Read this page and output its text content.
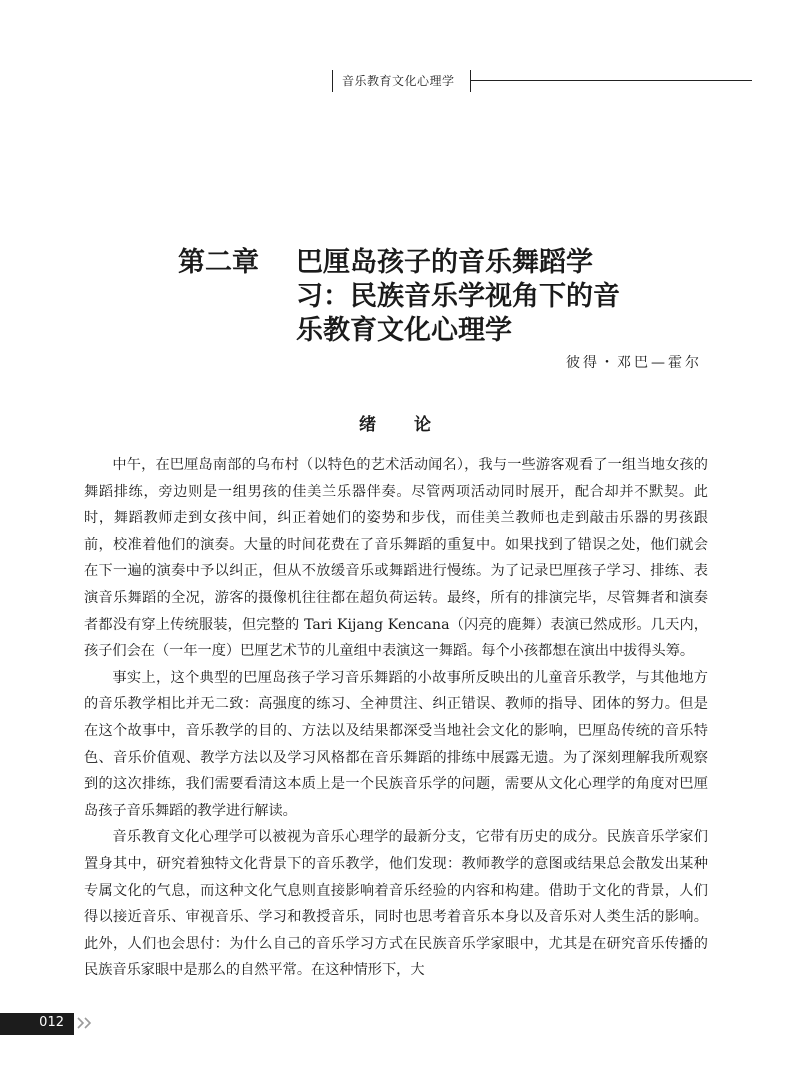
音乐教育文化心理学
第二章 巴厘岛孩子的音乐舞蹈学习：民族音乐学视角下的音乐教育文化心理学
彼得・邓巴—霍尔
绪论

中午，在巴厘岛南部的乌布村（以特色的艺术活动闻名），我与一些游客观看了一组当地女孩的舞蹈排练，旁边则是一组男孩的佳美兰乐器伴奏。尽管两项活动同时展开，配合却并不默契。此时，舞蹈教师走到女孩中间，纠正着她们的姿势和步伐，而佳美兰教师也走到敲击乐器的男孩跟前，校准着他们的演奏。大量的时间花费在了音乐舞蹈的重复中。如果找到了错误之处，他们就会在下一遍的演奏中予以纠正，但从不放缓音乐或舞蹈进行慢练。为了记录巴厘孩子学习、排练、表演音乐舞蹈的全况，游客的摄像机往往都在超负荷运转。最终，所有的排演完毕，尽管舞者和演奏者都没有穿上传统服装，但完整的 Tari Kijang Kencana（闪亮的鹿舞）表演已然成形。几天内，孩子们会在（一年一度）巴厘艺术节的儿童组中表演这一舞蹈。每个小孩都想在演出中拔得头筹。

事实上，这个典型的巴厘岛孩子学习音乐舞蹈的小故事所反映出的儿童音乐教学，与其他地方的音乐教学相比并无二致：高强度的练习、全神贯注、纠正错误、教师的指导、团体的努力。但是在这个故事中，音乐教学的目的、方法以及结果都深受当地社会文化的影响，巴厘岛传统的音乐特色、音乐价值观、教学方法以及学习风格都在音乐舞蹈的排练中展露无遗。为了深刻理解我所观察到的这次排练，我们需要看清这本质上是一个民族音乐学的问题，需要从文化心理学的角度对巴厘岛孩子音乐舞蹈的教学进行解读。

音乐教育文化心理学可以被视为音乐心理学的最新分支，它带有历史的成分。民族音乐学家们置身其中，研究着独特文化背景下的音乐教学，他们发现：教师教学的意图或结果总会散发出某种专属文化的气息，而这种文化气息则直接影响着音乐经验的内容和构建。借助于文化的背景，人们得以接近音乐、审视音乐、学习和教授音乐，同时也思考着音乐本身以及音乐对人类生活的影响。此外，人们也会思付：为什么自己的音乐学习方式在民族音乐学家眼中，尤其是在研究音乐传播的民族音乐家眼中是那么的自然平常。在这种情形下，大

012
